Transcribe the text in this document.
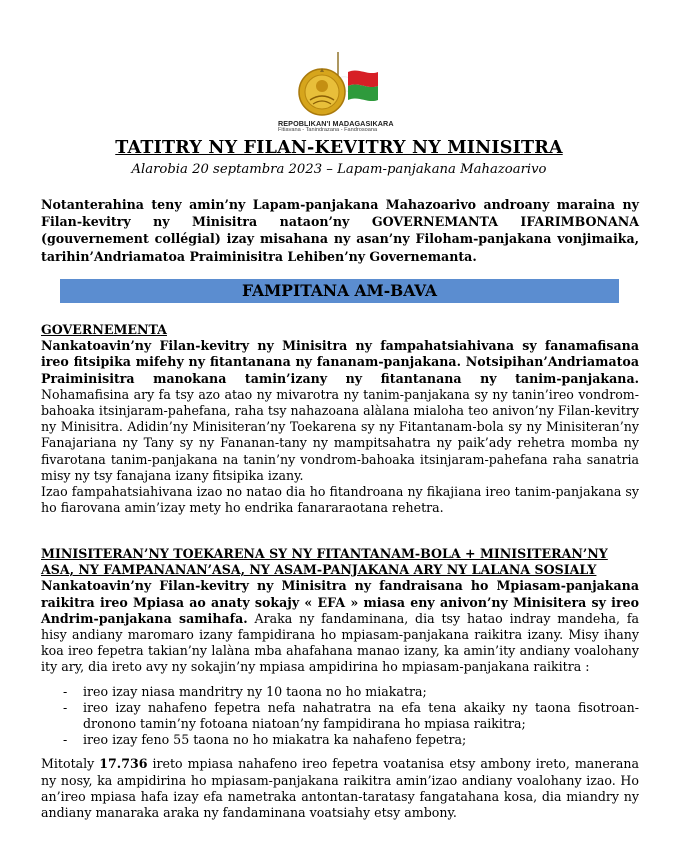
REPOBLIKAN'I MADAGASIKARA
Fitiavana - Tanindrazana - Fandrosoana
TATITRY NY FILAN-KEVITRY NY MINISITRA
Alarobia 20 septambra 2023 – Lapam-panjakana Mahazoarivo
Notanterahina teny amin’ny Lapam-panjakana Mahazoarivo androany maraina ny Filan-kevitry ny Minisitra nataon’ny GOVERNEMANTA IFARIMBONANA (gouvernement collégial) izay misahana ny asan’ny Filoham-panjakana vonjimaika, tarihin’Andriamatoa Praiminisitra Lehiben’ny Governemanta.
FAMPITANA AM-BAVA
GOVERNEMENTA

Nankatoavin’ny Filan-kevitry ny Minisitra ny fampahatsiahivana sy fanamafisana ireo fitsipika mifehy ny fitantanana ny fananam-panjakana. Notsipihan’Andriamatoa Praiminisitra manokana tamin’izany ny fitantanana ny tanim-panjakana. Nohamafisina ary fa tsy azo atao ny mivarotra ny tanim-panjakana sy ny tanin’ireo vondrom-bahoaka itsinjaram-pahefana, raha tsy nahazoana alàlana mialoha teo anivon’ny Filan-kevitry ny Minisitra. Adidin’ny Minisiteran’ny Toekarena sy ny Fitantanam-bola sy ny Minisiteran’ny Fanajariana ny Tany sy ny Fananan-tany ny mampitsahatra ny paik’ady rehetra momba ny fivarotana tanim-panjakana na tanin’ny vondrom-bahoaka itsinjaram-pahefana raha sanatria misy ny tsy fanajana izany fitsipika izany.

Izao fampahatsiahivana izao no natao dia ho fitandroana ny fikajiana ireo tanim-panjakana sy ho fiarovana amin’izay mety ho endrika fanararaotana rehetra.

MINISITERAN’NY TOEKARENA SY NY FITANTANAM-BOLA + MINISITERAN’NY ASA, NY FAMPANANAN’ASA, NY ASAM-PANJAKANA ARY NY LALANA SOSIALY

Nankatoavin’ny Filan-kevitry ny Minisitra ny fandraisana ho Mpiasam-panjakana raikitra ireo Mpiasa ao anaty sokajy « EFA » miasa eny anivon’ny Minisitera sy ireo Andrim-panjakana samihafa. Araka ny fandaminana, dia tsy hatao indray mandeha, fa hisy andiany maromaro izany fampidirana ho mpiasam-panjakana raikitra izany. Misy ihany koa ireo fepetra takian’ny lalàna mba ahafahana manao izany, ka amin’ity andiany voalohany ity ary, dia ireto avy ny sokajin’ny mpiasa ampidirina ho mpiasam-panjakana raikitra :

- ireo izay niasa mandritry ny 10 taona no ho miakatra;
- ireo izay nahafeno fepetra nefa nahatratra na efa tena akaiky ny taona fisotroan-dronono tamin’ny fotoana niatoan’ny fampidirana ho mpiasa raikitra;
- ireo izay feno 55 taona no ho miakatra ka nahafeno fepetra;

Mitotaly 17.736 ireto mpiasa nahafeno ireo fepetra voatanisa etsy ambony ireto, manerana ny nosy, ka ampidirina ho mpiasam-panjakana raikitra amin’izao andiany voalohany izao. Ho an’ireo mpiasa hafa izay efa nametraka antontan-taratasy fangatahana kosa, dia miandry ny andiany manaraka araka ny fandaminana voatsiahy etsy ambony.
